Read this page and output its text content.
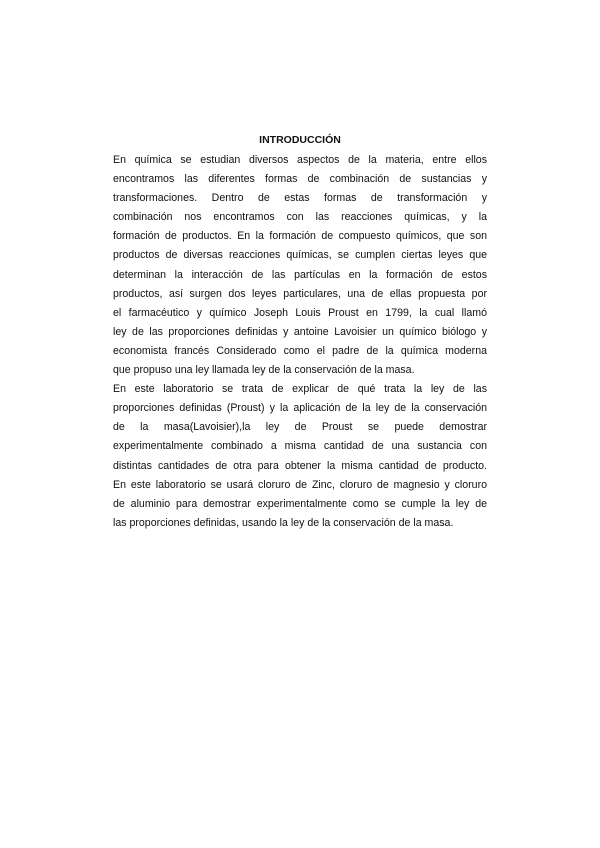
INTRODUCCIÓN
En química se estudian diversos aspectos de la materia, entre ellos
encontramos las diferentes formas de combinación de sustancias y
transformaciones. Dentro de estas formas de transformación y
combinación nos encontramos con las reacciones químicas, y la
formación de productos. En la formación de compuesto químicos, que son
productos de diversas reacciones químicas, se cumplen ciertas leyes que
determinan la interacción de las partículas en la formación de estos
productos, así surgen dos leyes particulares, una de ellas propuesta por
el farmacéutico y químico Joseph Louis Proust en 1799, la cual llamó
ley de las proporciones definidas y antoine Lavoisier un químico biólogo y
economista francés Considerado como el padre de la química moderna
que propuso una ley llamada ley de la conservación de la masa.
En este laboratorio se trata de explicar de qué trata la ley de las
proporciones definidas (Proust) y la aplicación de la ley de la conservación
de la masa(Lavoisier),la ley de Proust se puede demostrar
experimentalmente combinado a misma cantidad de una sustancia con
distintas cantidades de otra para obtener la misma cantidad de producto.
En este laboratorio se usará cloruro de Zinc, cloruro de magnesio y cloruro
de aluminio para demostrar experimentalmente como se cumple la ley de
las proporciones definidas, usando la ley de la conservación de la masa.
